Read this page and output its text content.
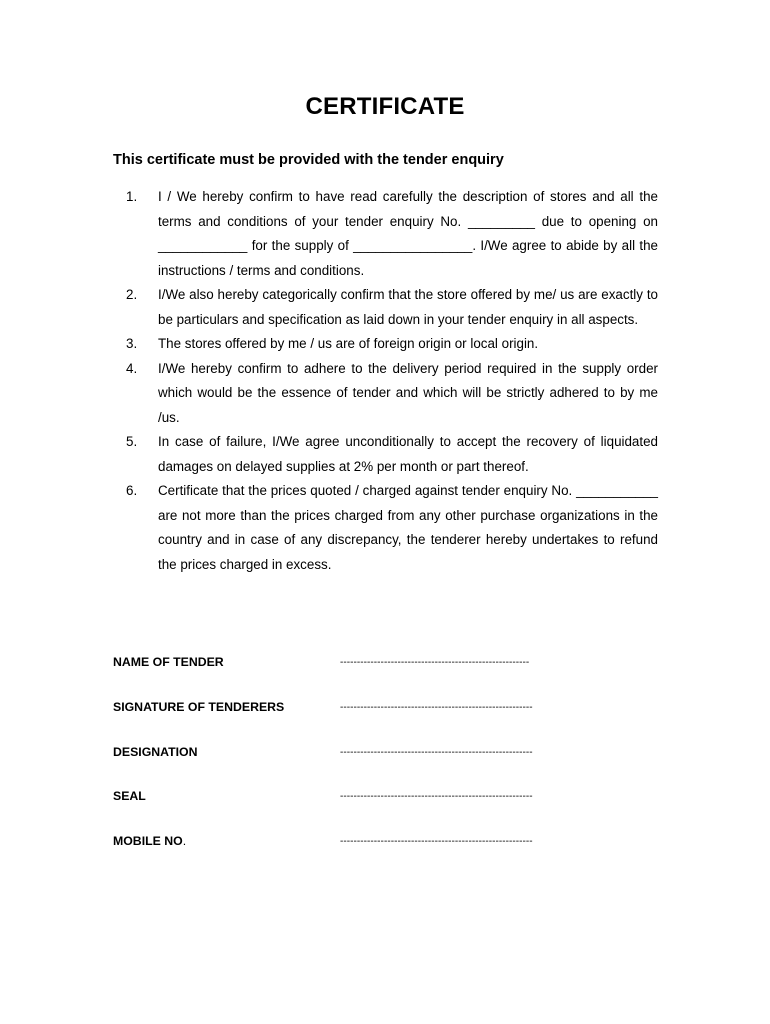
CERTIFICATE
This certificate must be provided with the tender enquiry
1.	I / We hereby confirm to have read carefully the description of stores and all the terms and conditions of your tender enquiry No. _________ due to opening on ____________ for the supply of ________________. I/We agree to abide by all the instructions / terms and conditions.
2.	I/We also hereby categorically confirm that the store offered by me/ us are exactly to be particulars and specification as laid down in your tender enquiry in all aspects.
3.	The stores offered by me / us are of foreign origin or local origin.
4.	I/We hereby confirm to adhere to the delivery period required in the supply order which would be the essence of tender and which will be strictly adhered to by me /us.
5.	In case of failure, I/We agree unconditionally to accept the recovery of liquidated damages on delayed supplies at 2% per month or part thereof.
6.	Certificate that the prices quoted / charged against tender enquiry No. ___________ are not more than the prices charged from any other purchase organizations in the country and in case of any discrepancy, the tenderer hereby undertakes to refund the prices charged in excess.
NAME OF TENDER	--------------------------------------------------------
SIGNATURE OF TENDERERS	---------------------------------------------------------
DESIGNATION	---------------------------------------------------------
SEAL	---------------------------------------------------------
MOBILE NO.	---------------------------------------------------------
